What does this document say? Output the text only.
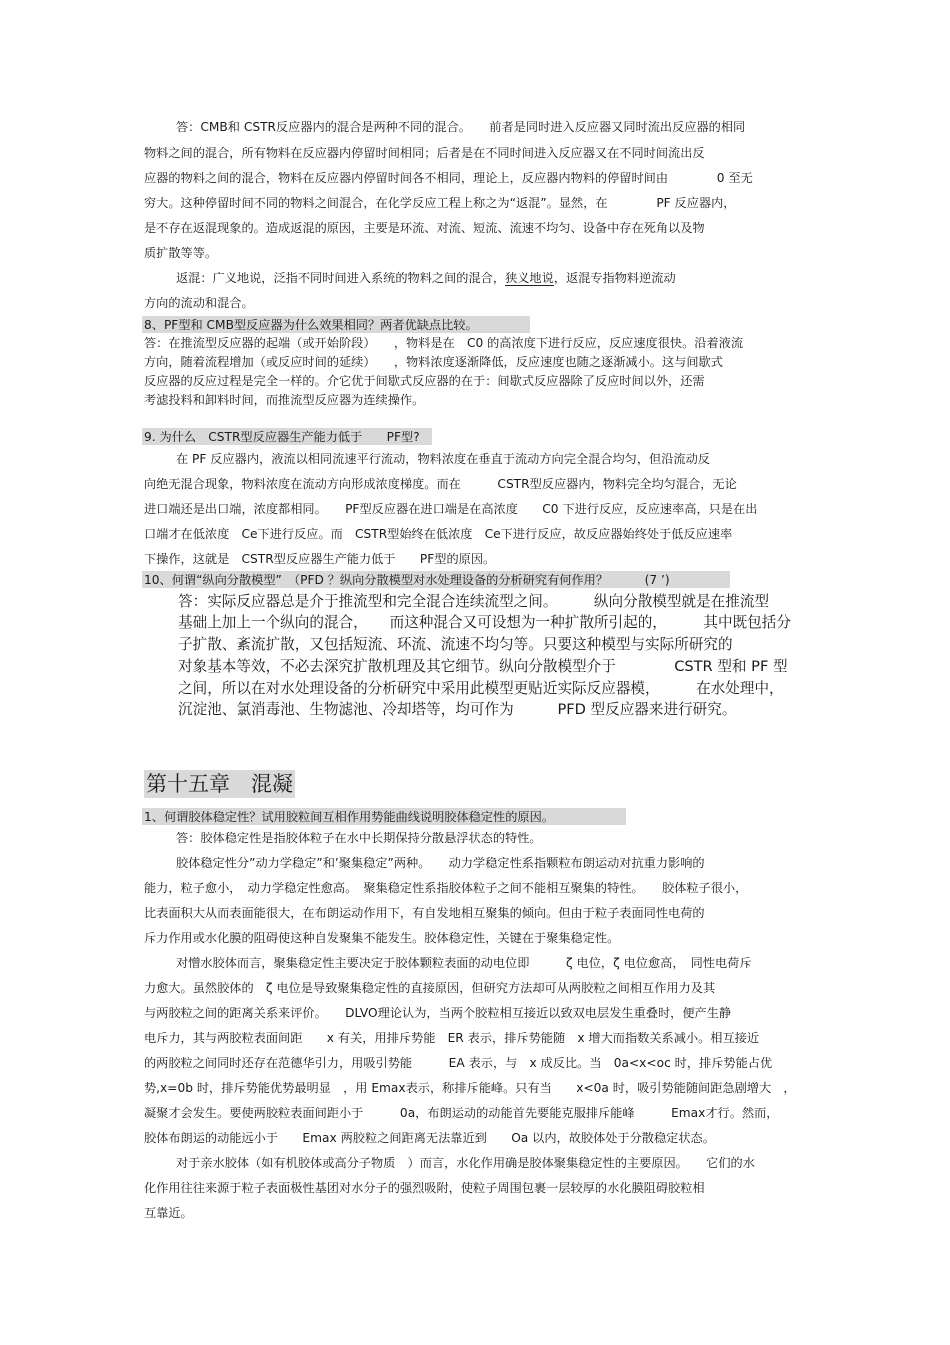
答：CMB和 CSTR反应器内的混合是两种不同的混合。　　前者是同时进入反应器又同时流出反应器的相同
物料之间的混合，所有物料在反应器内停留时间相同；后者是在不同时间进入反应器又在不同时间流出反
应器的物料之间的混合，物料在反应器内停留时间各不相同，理论上，反应器内物料的停留时间由　　　　0 至无
穷大。这种停留时间不同的物料之间混合，在化学反应工程上称之为“返混”。显然，在　　　　PF 反应器内，
是不存在返混现象的。造成返混的原因，主要是环流、对流、短流、流速不均匀、设备中存在死角以及物
质扩散等等。
返混：广义地说，泛指不同时间进入系统的物料之间的混合，狭义地说，返混专指物料逆流动
方向的流动和混合。
8、PF型和 CMB型反应器为什么效果相同？两者优缺点比较。
答：在推流型反应器的起端（或开始阶段）　　，物料是在　C0 的高浓度下进行反应，反应速度很快。沿着液流
方向，随着流程增加（或反应时间的延续）　　，物料浓度逐渐降低，反应速度也随之逐渐减小。这与间歇式
反应器的反应过程是完全一样的。介它优于间歇式反应器的在于：间歇式反应器除了反应时间以外，还需
考滤投料和卸料时间，而推流型反应器为连续操作。
9. 为什么　CSTR型反应器生产能力低于　　PF型?
在 PF 反应器内，液流以相同流速平行流动，物料浓度在垂直于流动方向完全混合均匀，但沿流动反
向绝无混合现象，物料浓度在流动方向形成浓度梯度。而在　　　CSTR型反应器内，物料完全均匀混合，无论
进口端还是出口端，浓度都相同。　　PF型反应器在进口端是在高浓度　　C0 下进行反应，反应速率高，只是在出
口端才在低浓度　Ce下进行反应。而　CSTR型始终在低浓度　Ce下进行反应，故反应器始终处于低反应速率
下操作，这就是　CSTR型反应器生产能力低于　　PF型的原因。
10、何谓“纵向分散模型”　（PFD ？纵向分散模型对水处理设备的分析研究有何作用？　　　(7 ’)
答：实际反应器总是介于推流型和完全混合连续流型之间。　　　纵向分散模型就是在推流型
基础上加上一个纵向的混合，　　而这种混合又可设想为一种扩散所引起的，　　　其中既包括分
子扩散、紊流扩散，又包括短流、环流、流速不均匀等。只要这种模型与实际所研究的
对象基本等效，不必去深究扩散机理及其它细节。纵向分散模型介于　　　　CSTR 型和 PF 型
之间，所以在对水处理设备的分析研究中采用此模型更贴近实际反应器模，　　　在水处理中，
沉淀池、氯消毒池、生物滤池、冷却塔等，均可作为　　　PFD 型反应器来进行研究。
第十五章　混凝
1、何谓胶体稳定性？试用胶粒间互相作用势能曲线说明胶体稳定性的原因。
答：胶体稳定性是指胶体粒子在水中长期保持分散悬浮状态的特性。
胶体稳定性分”动力学稳定”和’聚集稳定”两种。　　动力学稳定性系指颗粒布朗运动对抗重力影响的
能力，粒子愈小，　动力学稳定性愈高。　聚集稳定性系指胶体粒子之间不能相互聚集的特性。　　胶体粒子很小，
比表面积大从而表面能很大，在布朗运动作用下，有自发地相互聚集的倾向。但由于粒子表面同性电荷的
斥力作用或水化膜的阻碍使这种自发聚集不能发生。胶体稳定性，关键在于聚集稳定性。
对憎水胶体而言，聚集稳定性主要决定于胶体颗粒表面的动电位即　　　ζ 电位，ζ 电位愈高，　同性电荷斥
力愈大。虽然胶体的　ζ 电位是导致聚集稳定性的直接原因，但研究方法却可从两胶粒之间相互作用力及其
与两胶粒之间的距离关系来评价。　　DLVO理论认为，当两个胶粒相互接近以致双电层发生重叠时，便产生静
电斥力，其与两胶粒表面间距　　x 有关，用排斥势能　ER 表示，排斥势能随　x 增大而指数关系减小。相互接近
的两胶粒之间同时还存在范德华引力，用吸引势能　　　EA 表示，与　x 成反比。当　0a<x<oc 时，排斥势能占优
势,x=0b 时，排斥势能优势最明显　，用 Emax表示，称排斥能峰。只有当　　x<0a 时，吸引势能随间距急剧增大　，
凝聚才会发生。要使两胶粒表面间距小于　　　0a，布朗运动的动能首先要能克服排斥能峰　　　Emax才行。然而，
胶体布朗运的动能远小于　　Emax 两胶粒之间距离无法靠近到　　Oa 以内，故胶体处于分散稳定状态。
对于亲水胶体（如有机胶体或高分子物质　）而言，水化作用确是胶体聚集稳定性的主要原因。　　它们的水
化作用往往来源于粒子表面极性基团对水分子的强烈吸附，使粒子周围包裹一层较厚的水化膜阻碍胶粒相
互靠近。
